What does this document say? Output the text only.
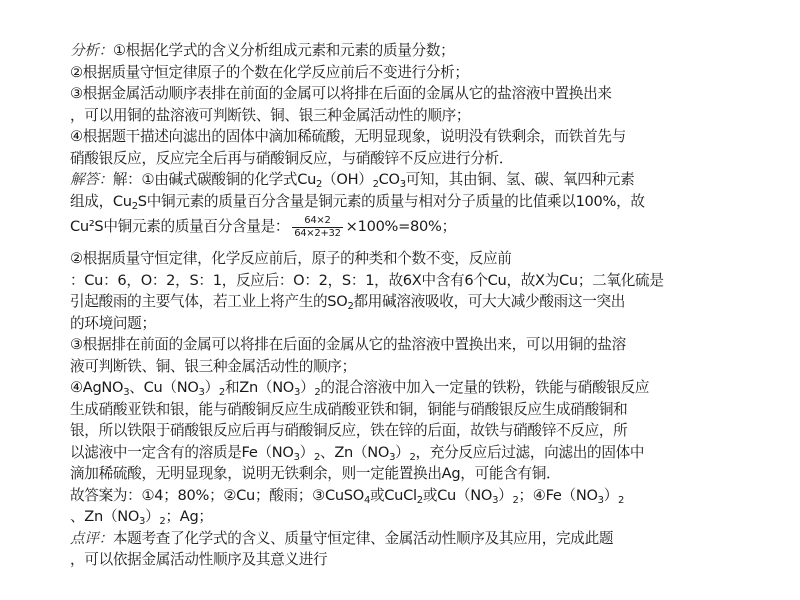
分析：①根据化学式的含义分析组成元素和元素的质量分数；
②根据质量守恒定律原子的个数在化学反应前后不变进行分析；
③根据金属活动顺序表排在前面的金属可以将排在后面的金属从它的盐溶液中置换出来
，可以用铜的盐溶液可判断铁、铜、银三种金属活动性的顺序；
④根据题干描述向滤出的固体中滴加稀硫酸，无明显现象，说明没有铁剩余，而铁首先与
硝酸银反应，反应完全后再与硝酸铜反应，与硝酸锌不反应进行分析．
解答：解：①由碱式碳酸铜的化学式$Cu_2(OH)_2CO_3$可知，其由铜、氢、碳、氧四种元素
组成，$Cu_2S$中铜元素的质量百分含量是铜元素的质量与相对分子质量的比值乘以100%，故
Cu²S中铜元素的质量百分含量是： $\frac{64\times 2}{64\times 2+32} \times 100\%=80\%$；
②根据质量守恒定律，化学反应前后，原子的种类和个数不变，反应前
：Cu：6，O：2，S：1，反应后：O：2，S：1，故6X中含有6个Cu，故X为Cu；二氧化硫是
引起酸雨的主要气体，若工业上将产生的$SO_2$都用碱溶液吸收，可大大减少酸雨这一突出
的环境问题；
③根据排在前面的金属可以将排在后面的金属从它的盐溶液中置换出来，可以用铜的盐溶
液可判断铁、铜、银三种金属活动性的顺序；
④AgNO$_3$、$Cu(NO_3)_2$和$Zn(NO_3)_2$的混合溶液中加入一定量的铁粉，铁能与硝酸银反应
生成硝酸亚铁和银，能与硝酸铜反应生成硝酸亚铁和铜，铜能与硝酸银反应生成硝酸铜和
银，所以铁限于硝酸银反应后再与硝酸铜反应，铁在锌的后面，故铁与硝酸锌不反应，所
以滤液中一定含有的溶质是$Fe(NO_3)_2$、$Zn(NO_3)_2$，充分反应后过滤，向滤出的固体中
滴加稀硫酸，无明显现象，说明无铁剩余，则一定能置换出Ag，可能含有铜．
故答案为：①4；80%；②Cu；酸雨；③CuSO$_4$或CuCl$_2$或$Cu(NO_3)_2$；$④Fe(NO_3)_2$
、$Zn(NO_3)_2$；Ag；
点评：本题考查了化学式的含义、质量守恒定律、金属活动性顺序及其应用，完成此题
，可以依据金属活动性顺序及其意义进行
